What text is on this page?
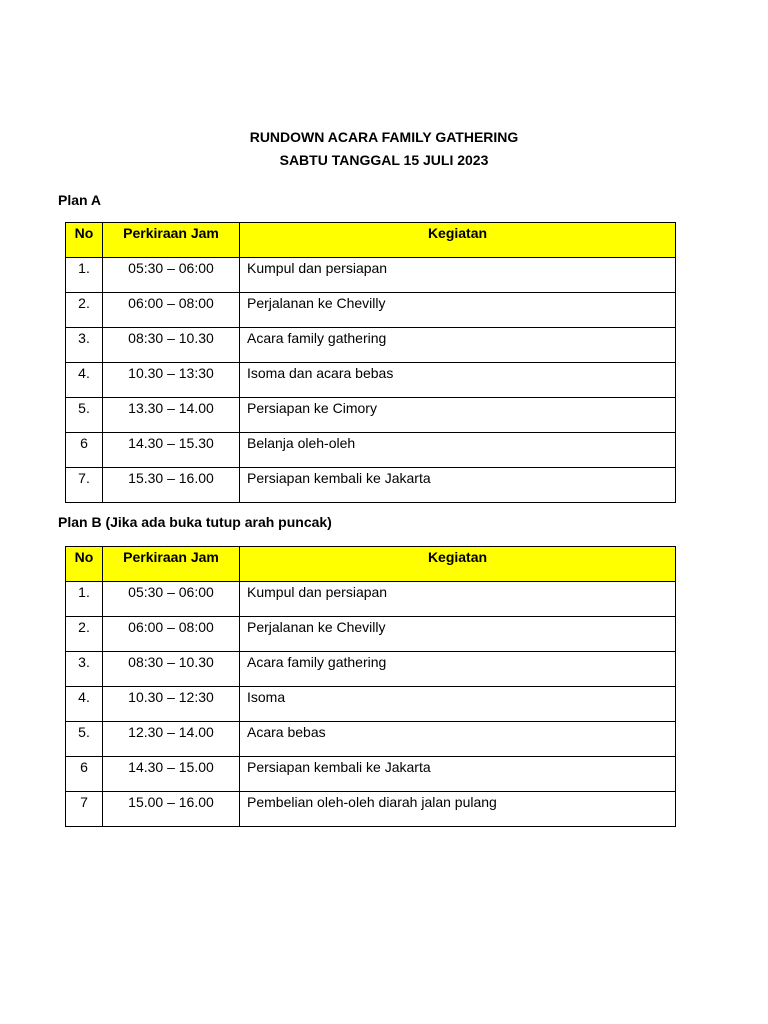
RUNDOWN ACARA FAMILY GATHERING
SABTU TANGGAL 15 JULI 2023
Plan A
No	Perkiraan Jam	Kegiatan
1.	05:30 – 06:00	Kumpul dan persiapan
2.	06:00 – 08:00	Perjalanan ke Chevilly
3.	08:30 – 10.30	Acara family gathering
4.	10.30 – 13:30	Isoma dan acara bebas
5.	13.30 – 14.00	Persiapan ke Cimory
6	14.30 – 15.30	Belanja oleh-oleh
7.	15.30 – 16.00	Persiapan kembali ke Jakarta
Plan B (Jika ada buka tutup arah puncak)
No	Perkiraan Jam	Kegiatan
1.	05:30 – 06:00	Kumpul dan persiapan
2.	06:00 – 08:00	Perjalanan ke Chevilly
3.	08:30 – 10.30	Acara family gathering
4.	10.30 – 12:30	Isoma
5.	12.30 – 14.00	Acara bebas
6	14.30 – 15.00	Persiapan kembali ke Jakarta
7	15.00 – 16.00	Pembelian oleh-oleh diarah jalan pulang
